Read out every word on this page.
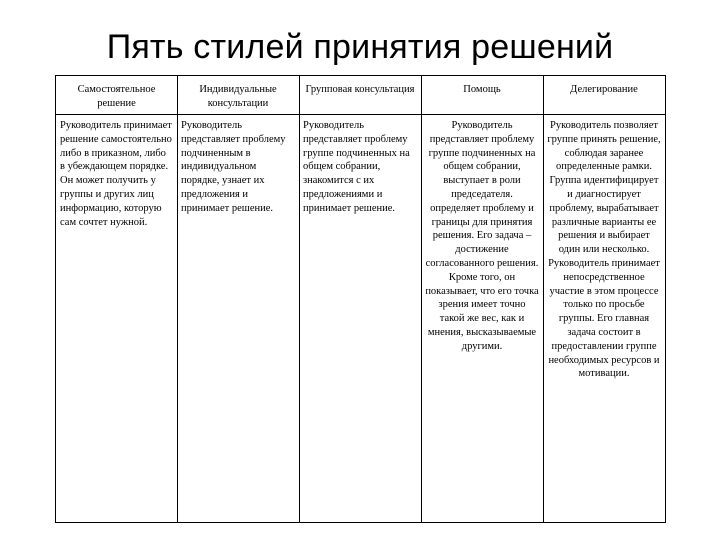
Пять стилей принятия решений
Самостоятельное решение
Индивидуальные консультации
Групповая консультация	Помощь	Делегирование
Руководитель принимает решение самостоятельно либо в приказном, либо в убеждающем порядке. Он может получить у группы и других лиц информацию, которую сам сочтет нужной.
Руководитель представляет проблему подчиненным в индивидуальном порядке, узнает их предложения и принимает решение.
Руководитель представляет проблему группе подчиненных на общем собрании, знакомится с их предложениями и принимает решение.
Руководитель представляет проблему группе подчиненных на общем собрании, выступает в роли председателя. определяет проблему и границы для принятия решения. Его задача – достижение согласованного решения. Кроме того, он показывает, что его точка зрения имеет точно такой же вес, как и мнения, высказываемые другими.
Руководитель позволяет группе принять решение, соблюдая заранее определенные рамки. Группа идентифицирует и диагностирует проблему, вырабатывает различные варианты ее решения и выбирает один или несколько. Руководитель принимает непосредственное участие в этом процессе только по просьбе группы. Его главная задача состоит в предоставлении группе необходимых ресурсов и мотивации.
